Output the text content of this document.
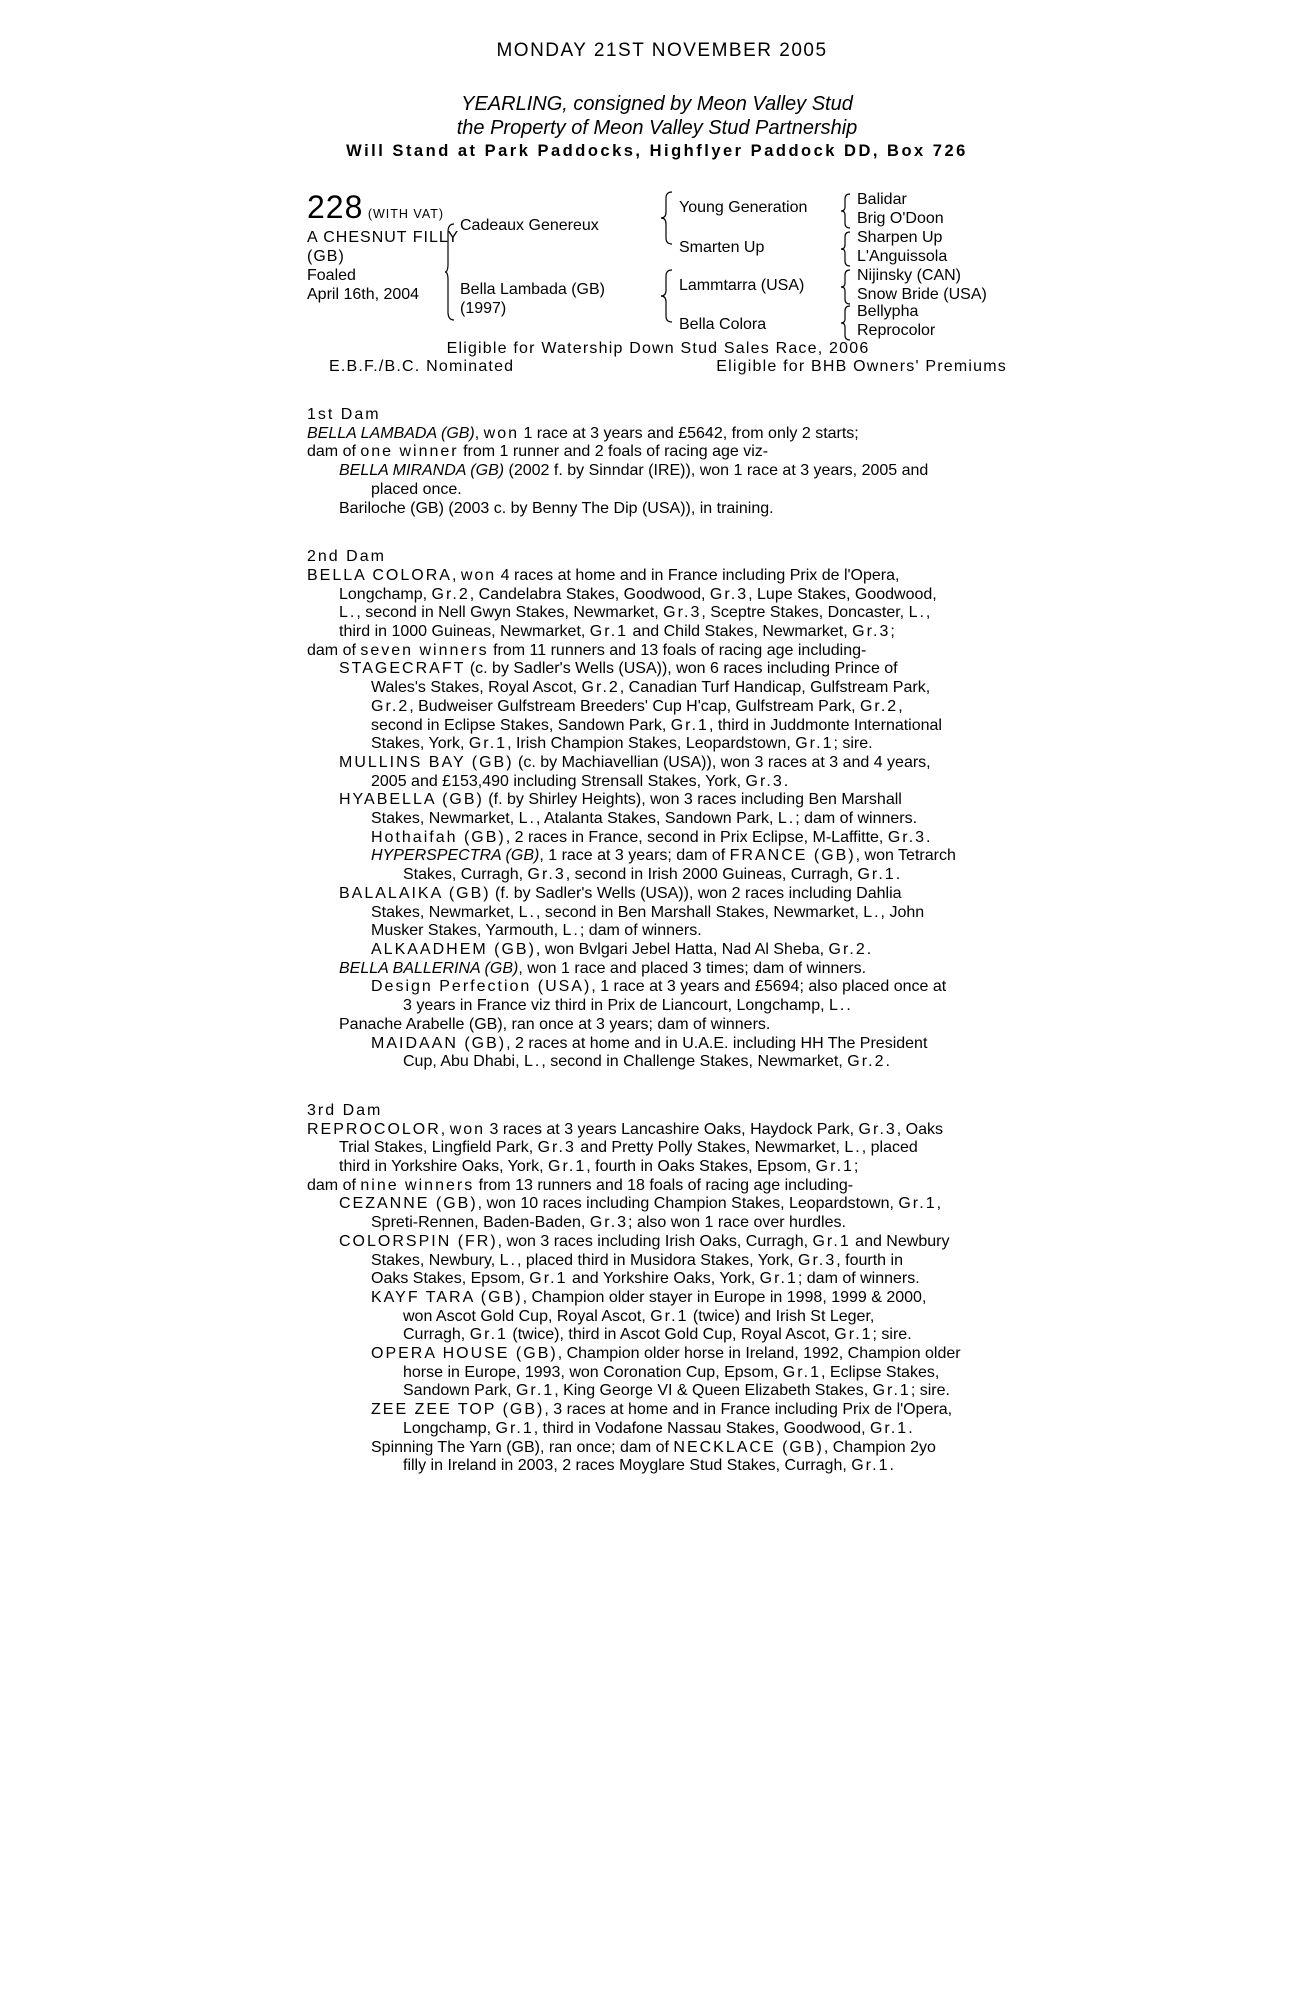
MONDAY 21ST NOVEMBER 2005
YEARLING, consigned by Meon Valley Stud
the Property of Meon Valley Stud Partnership
Will Stand at Park Paddocks, Highflyer Paddock DD, Box 726
228 (WITH VAT)
A CHESNUT FILLY
(GB)
Foaled
April 16th, 2004
Cadeaux Genereux
Bella Lambada (GB)
(1997)
Young Generation
Smarten Up
Lammtarra (USA)
Bella Colora
Balidar
Brig O'Doon
Sharpen Up
L'Anguissola
Nijinsky (CAN)
Snow Bride (USA)
Bellypha
Reprocolor
Eligible for Watership Down Stud Sales Race, 2006
E.B.F./B.C. Nominated	Eligible for BHB Owners' Premiums
1st Dam
BELLA LAMBADA (GB), won 1 race at 3 years and £5642, from only 2 starts;
dam of one winner from 1 runner and 2 foals of racing age viz-
BELLA MIRANDA (GB) (2002 f. by Sinndar (IRE)), won 1 race at 3 years, 2005 and
placed once.
Bariloche (GB) (2003 c. by Benny The Dip (USA)), in training.
2nd Dam
BELLA COLORA, won 4 races at home and in France including Prix de l'Opera,
Longchamp, Gr.2, Candelabra Stakes, Goodwood, Gr.3, Lupe Stakes, Goodwood,
L., second in Nell Gwyn Stakes, Newmarket, Gr.3, Sceptre Stakes, Doncaster, L.,
third in 1000 Guineas, Newmarket, Gr.1 and Child Stakes, Newmarket, Gr.3;
dam of seven winners from 11 runners and 13 foals of racing age including-
STAGECRAFT (c. by Sadler's Wells (USA)), won 6 races including Prince of
Wales's Stakes, Royal Ascot, Gr.2, Canadian Turf Handicap, Gulfstream Park,
Gr.2, Budweiser Gulfstream Breeders' Cup H'cap, Gulfstream Park, Gr.2,
second in Eclipse Stakes, Sandown Park, Gr.1, third in Juddmonte International
Stakes, York, Gr.1, Irish Champion Stakes, Leopardstown, Gr.1; sire.
MULLINS BAY (GB) (c. by Machiavellian (USA)), won 3 races at 3 and 4 years,
2005 and £153,490 including Strensall Stakes, York, Gr.3.
HYABELLA (GB) (f. by Shirley Heights), won 3 races including Ben Marshall
Stakes, Newmarket, L., Atalanta Stakes, Sandown Park, L.; dam of winners.
Hothaifah (GB), 2 races in France, second in Prix Eclipse, M-Laffitte, Gr.3.
HYPERSPECTRA (GB), 1 race at 3 years; dam of FRANCE (GB), won Tetrarch
Stakes, Curragh, Gr.3, second in Irish 2000 Guineas, Curragh, Gr.1.
BALALAIKA (GB) (f. by Sadler's Wells (USA)), won 2 races including Dahlia
Stakes, Newmarket, L., second in Ben Marshall Stakes, Newmarket, L., John
Musker Stakes, Yarmouth, L.; dam of winners.
ALKAADHEM (GB), won Bvlgari Jebel Hatta, Nad Al Sheba, Gr.2.
BELLA BALLERINA (GB), won 1 race and placed 3 times; dam of winners.
Design Perfection (USA), 1 race at 3 years and £5694; also placed once at
3 years in France viz third in Prix de Liancourt, Longchamp, L..
Panache Arabelle (GB), ran once at 3 years; dam of winners.
MAIDAAN (GB), 2 races at home and in U.A.E. including HH The President
Cup, Abu Dhabi, L., second in Challenge Stakes, Newmarket, Gr.2.
3rd Dam
REPROCOLOR, won 3 races at 3 years Lancashire Oaks, Haydock Park, Gr.3, Oaks
Trial Stakes, Lingfield Park, Gr.3 and Pretty Polly Stakes, Newmarket, L., placed
third in Yorkshire Oaks, York, Gr.1, fourth in Oaks Stakes, Epsom, Gr.1;
dam of nine winners from 13 runners and 18 foals of racing age including-
CEZANNE (GB), won 10 races including Champion Stakes, Leopardstown, Gr.1,
Spreti-Rennen, Baden-Baden, Gr.3; also won 1 race over hurdles.
COLORSPIN (FR), won 3 races including Irish Oaks, Curragh, Gr.1 and Newbury
Stakes, Newbury, L., placed third in Musidora Stakes, York, Gr.3, fourth in
Oaks Stakes, Epsom, Gr.1 and Yorkshire Oaks, York, Gr.1; dam of winners.
KAYF TARA (GB), Champion older stayer in Europe in 1998, 1999 & 2000,
won Ascot Gold Cup, Royal Ascot, Gr.1 (twice) and Irish St Leger,
Curragh, Gr.1 (twice), third in Ascot Gold Cup, Royal Ascot, Gr.1; sire.
OPERA HOUSE (GB), Champion older horse in Ireland, 1992, Champion older
horse in Europe, 1993, won Coronation Cup, Epsom, Gr.1, Eclipse Stakes,
Sandown Park, Gr.1, King George VI & Queen Elizabeth Stakes, Gr.1; sire.
ZEE ZEE TOP (GB), 3 races at home and in France including Prix de l'Opera,
Longchamp, Gr.1, third in Vodafone Nassau Stakes, Goodwood, Gr.1.
Spinning The Yarn (GB), ran once; dam of NECKLACE (GB), Champion 2yo
filly in Ireland in 2003, 2 races Moyglare Stud Stakes, Curragh, Gr.1.
